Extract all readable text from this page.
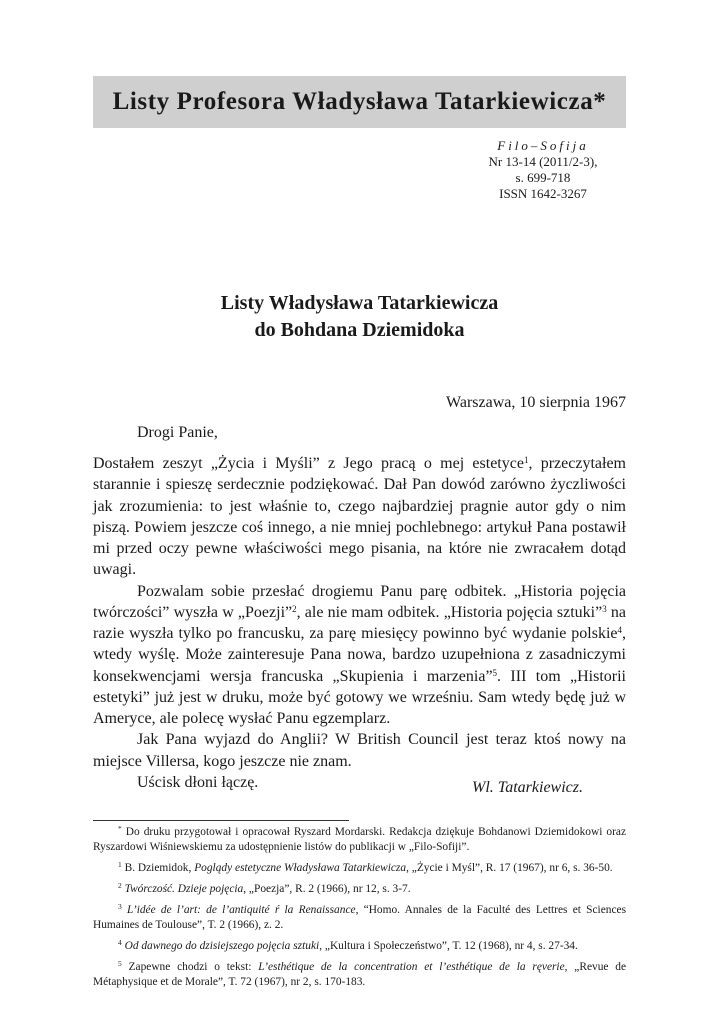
Listy Profesora Władysława Tatarkiewicza*
Filo–Sofija
Nr 13-14 (2011/2-3),
s. 699-718
ISSN 1642-3267
Listy Władysława Tatarkiewicza
do Bohdana Dziemidoka
Warszawa, 10 sierpnia 1967
Drogi Panie,

Dostałem zeszyt „Życia i Myśli” z Jego pracą o mej estetyce$^1$, przeczytałem starannie i spieszę serdecznie podziękować. Dał Pan dowód zarówno życzliwości jak zrozumienia: to jest właśnie to, czego najbardziej pragnie autor gdy o nim piszą. Powiem jeszcze coś innego, a nie mniej pochlebnego: artykuł Pana postawił mi przed oczy pewne właściwości mego pisania, na które nie zwracałem dotąd uwagi.

Pozwalam sobie przesłać drogiemu Panu parę odbitek. „Historia pojęcia twórczości” wyszła w „Poezji”$^2$, ale nie mam odbitek. „Historia pojęcia sztuki”$^3$ na razie wyszła tylko po francusku, za parę miesięcy powinno być wydanie polskie$^4$, wtedy wyślę. Może zainteresuje Pana nowa, bardzo uzupełniona z zasadniczymi konsekwencjami wersja francuska „Skupienia i marzenia”$^5$. III tom „Historii estetyki” już jest w druku, może być gotowy we wrześniu. Sam wtedy będę już w Ameryce, ale polecę wysłać Panu egzemplarz.

Jak Pana wyjazd do Anglii? W British Council jest teraz ktoś nowy na miejsce Villersa, kogo jeszcze nie znam.

Uścisk dłoni łączę.	Wl. Tatarkiewicz.

* Do druku przygotował i opracował Ryszard Mordarski. Redakcja dziękuje Bohdanowi Dziemidokowi oraz Ryszardowi Wiśniewskiemu za udostępnienie listów do publikacji w „Filo-Sofiji”.

$^1$ B. Dziemidok, Poglądy estetyczne Władysława Tatarkiewicza, „Życie i Myśl”, R. 17 (1967), nr 6, s. 36-50.

$^2$ Twórczość. Dzieje pojęcia, „Poezja”, R. 2 (1966), nr 12, s. 3-7.

$^3$ L’idée de l’art: de l’antiquité ŕ la Renaissance, “Homo. Annales de la Faculté des Lettres et Sciences Humaines de Toulouse”, T. 2 (1966), z. 2.

$^4$ Od dawnego do dzisiejszego pojęcia sztuki, „Kultura i Społeczeństwo”, T. 12 (1968), nr 4, s. 27-34.

$^5$ Zapewne chodzi o tekst: L’esthétique de la concentration et l’esthétique de la ręverie, „Revue de Métaphysique et de Morale”, T. 72 (1967), nr 2, s. 170-183.
